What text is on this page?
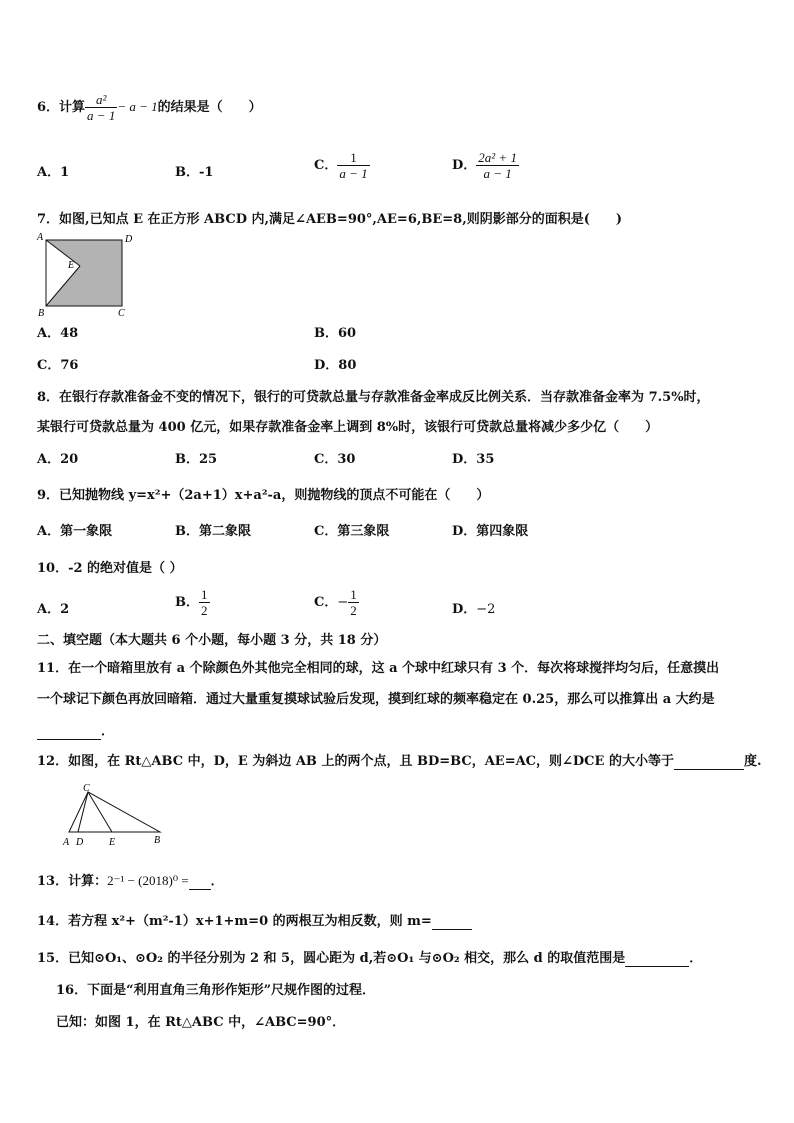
6．计算 $\frac{\text{a²}}{a - 1} - a - 1$的结果是（　　）
A．1	B．-1	C． $\frac{1}{a - 1}$	D． $\frac{\text{2a² + 1}}{a - 1}$
7．如图,已知点 E 在正方形 ABCD 内,满足∠AEB=90°,AE=6,BE=8,则阴影部分的面积是(　　)
A	D
E
B	C
A．48	B．60
C．76	D．80
8．在银行存款准备金不变的情况下，银行的可贷款总量与存款准备金率成反比例关系．当存款准备金率为 7.5%时，
某银行可贷款总量为 400 亿元，如果存款准备金率上调到 8%时，该银行可贷款总量将减少多少亿（　　）
A．20	B．25	C．30	D．35
9．已知抛物线 y=x²+（2a+1）x+a²-a，则抛物线的顶点不可能在（　　）
A．第一象限	B．第二象限	C．第三象限	D．第四象限
10．-2 的绝对值是（ ）
A．2	B． $\frac{1}{2}$	C．− $\frac{1}{2}$	D．−2
二、填空题（本大题共 6 个小题，每小题 3 分，共 18 分）
11．在一个暗箱里放有 a 个除颜色外其他完全相同的球，这 a 个球中红球只有 3 个．每次将球搅拌均匀后，任意摸出
一个球记下颜色再放回暗箱．通过大量重复摸球试验后发现，摸到红球的频率稳定在 0.25，那么可以推算出 a 大约是
．
12．如图，在 Rt△ABC 中，D，E 为斜边 AB 上的两个点，且 BD=BC，AE=AC，则∠DCE 的大小等于	度.
C
A D	E	B
13．计算：2⁻¹ − (2018)⁰ = ．
14．若方程 x²+（m²-1）x+1+m=0 的两根互为相反数，则 m=
15．已知⊙O₁、⊙O₂ 的半径分别为 2 和 5，圆心距为 d,若⊙O₁ 与⊙O₂ 相交，那么 d 的取值范围是	．
16．下面是“利用直角三角形作矩形”尺规作图的过程．
已知：如图 1，在 Rt△ABC 中，∠ABC=90°．
